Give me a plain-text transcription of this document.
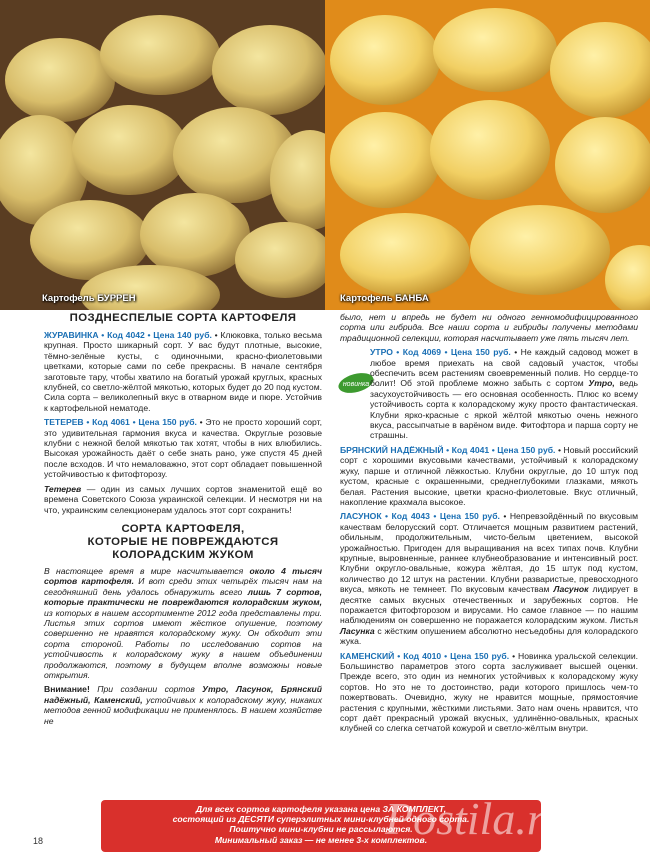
Картофель БУРРЕН	Картофель БАНБА
ПОЗДНЕСПЕЛЫЕ СОРТА КАРТОФЕЛЯ

ЖУРАВИНКА • Код 4042 • Цена 140 руб. • Клюковка, только весьма крупная. Просто шикарный сорт. У вас будут плотные, высокие, тёмно-зелёные кусты, с одиночными, красно-фиолетовыми цветками, которые сами по себе прекрасны. В начале сентября заготовьте тару, чтобы хватило на богатый урожай круглых, красных клубней, со светло-жёлтой мякотью, которых будет до 20 под кустом. Сила сорта – великолепный вкус в отварном виде и пюре. Устойчив к картофельной нематоде.

ТЕТЕРЕВ • Код 4061 • Цена 150 руб. • Это не просто хороший сорт, это удивительная гармония вкуса и качества. Округлые розовые клубни с нежной белой мякотью так хотят, чтобы в них влюбились. Высокая урожайность даёт о себе знать рано, уже спустя 45 дней после всходов. И что немаловажно, этот сорт обладает повышенной устойчивостью к фитофторозу.

Тетерев — один из самых лучших сортов знаменитой ещё во времена Советского Союза украинской селекции. И несмотря ни на что, украинским селекционерам удалось этот сорт сохранить!

СОРТА КАРТОФЕЛЯ,
КОТОРЫЕ НЕ ПОВРЕЖДАЮТСЯ
КОЛОРАДСКИМ ЖУКОМ

В настоящее время в мире насчитывается около 4 тысяч сортов картофеля. И вот среди этих четырёх тысяч нам на сегодняшний день удалось обнаружить всего лишь 7 сортов, которые практически не повреждаются колорадским жуком, из которых в нашем ассортименте 2012 года представлены три. Листья этих сортов имеют жёсткое опушение, поэтому совершенно не нравятся колорадскому жуку. Он обходит эти сорта стороной. Работы по исследованию сортов на устойчивость к колорадскому жуку в нашем объединении продолжаются, поэтому в будущем вполне возможны новые открытия.

Внимание! При создании сортов Утро, Ласунок, Брянский надёжный, Каменский, устойчивых к колорадскому жуку, никаких методов генной модификации не применялось. В нашем хозяйстве не

новинка

было, нет и впредь не будет ни одного генномодифицированного сорта или гибрида. Все наши сорта и гибриды получены методами традиционной селекции, которая насчитывает уже пять тысяч лет.

УТРО • Код 4069 • Цена 150 руб. • Не каждый садовод может в любое время приехать на свой садовый участок, чтобы обеспечить всем растениям своевременный полив. Но сердце-то болит! Об этой проблеме можно забыть с сортом Утро, ведь засухоустойчивость — его основная особенность. Плюс ко всему устойчивость сорта к колорадскому жуку просто фантастическая. Клубни ярко-красные с яркой жёлтой мякотью очень нежного вкуса, рассыпчатые в варёном виде. Фитофтора и парша сорту не страшны.

БРЯНСКИЙ НАДЁЖНЫЙ • Код 4041 • Цена 150 руб. • Новый российский сорт с хорошими вкусовыми качествами, устойчивый к колорадскому жуку, парше и отличной лёжкостью. Клубни округлые, до 10 штук под кустом, красные с окрашенными, среднеглубокими глазками, мякоть белая. Растения высокие, цветки красно-фиолетовые. Вкус отличный, накопление крахмала высокое.

ЛАСУНОК • Код 4043 • Цена 150 руб. • Непревзойдённый по вкусовым качествам белорусский сорт. Отличается мощным развитием растений, обильным, продолжительным, чисто-белым цветением, высокой урожайностью. Пригоден для выращивания на всех типах почв. Клубни крупные, выровненные, раннее клубнеобразование и интенсивный рост. Клубни округло-овальные, кожура жёлтая, до 15 штук под кустом, количество до 12 штук на растении. Клубни разваристые, превосходного вкуса, мякоть не темнеет. По вкусовым качествам Ласунок лидирует в десятке самых вкусных отечественных и зарубежных сортов. Не поражается фитофторозом и вирусами. Но самое главное — по нашим наблюдениям он совершенно не поражается колорадским жуком. Листья Ласунка с жёстким опушением абсолютно несъедобны для колорадского жука.

КАМЕНСКИЙ • Код 4010 • Цена 150 руб. • Новинка уральской селекции. Большинство параметров этого сорта заслуживает высшей оценки. Прежде всего, это один из немногих устойчивых к колорадскому жуку сортов. Но это не то достоинство, ради которого пришлось чем-то пожертвовать. Очевидно, жуку не нравится мощные, прямостоячие растения с крупными, жёсткими листьями. Зато нам очень нравится, что сорт даёт прекрасный урожай вкусных, удлинённо-овальных, красных клубней со слегка сетчатой кожурой и светло-жёлтым внутри.

Для всех сортов картофеля указана цена ЗА КОМПЛЕКТ,
состоящий из ДЕСЯТИ суперэлитных мини-клубней одного сорта.
Поштучно мини-клубни не рассылаются.
Минимальный заказ — не менее 3-х комплектов.
Postila.ru
18
